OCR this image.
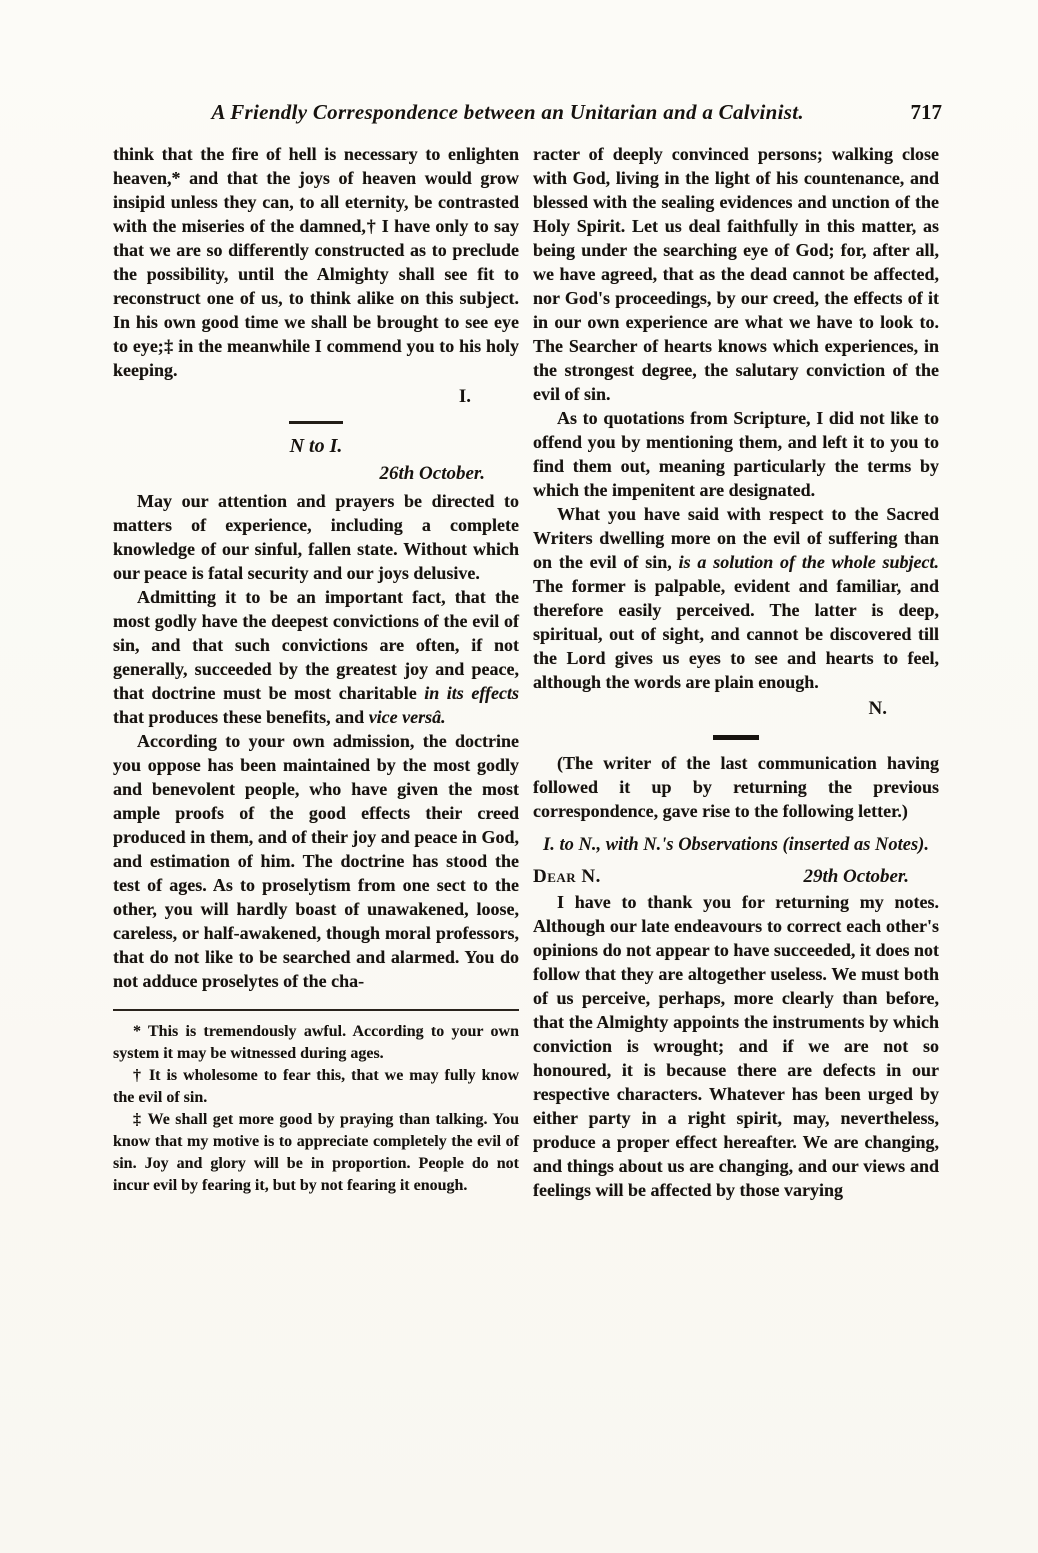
A Friendly Correspondence between an Unitarian and a Calvinist.	717

think that the fire of hell is necessary to enlighten heaven,* and that the joys of heaven would grow insipid unless they can, to all eternity, be contrasted with the miseries of the damned,† I have only to say that we are so differently constructed as to preclude the possibility, until the Almighty shall see fit to reconstruct one of us, to think alike on this subject. In his own good time we shall be brought to see eye to eye;‡ in the meanwhile I commend you to his holy keeping.

I.

N to I.
26th October.

May our attention and prayers be directed to matters of experience, including a complete knowledge of our sinful, fallen state. Without which our peace is fatal security and our joys delusive.

Admitting it to be an important fact, that the most godly have the deepest convictions of the evil of sin, and that such convictions are often, if not generally, succeeded by the greatest joy and peace, that doctrine must be most charitable in its effects that produces these benefits, and vice versâ.

According to your own admission, the doctrine you oppose has been maintained by the most godly and benevolent people, who have given the most ample proofs of the good effects their creed produced in them, and of their joy and peace in God, and estimation of him. The doctrine has stood the test of ages. As to proselytism from one sect to the other, you will hardly boast of unawakened, loose, careless, or half-awakened, though moral professors, that do not like to be searched and alarmed. You do not adduce proselytes of the cha-

* This is tremendously awful. According to your own system it may be witnessed during ages.

† It is wholesome to fear this, that we may fully know the evil of sin.

‡ We shall get more good by praying than talking. You know that my motive is to appreciate completely the evil of sin. Joy and glory will be in proportion. People do not incur evil by fearing it, but by not fearing it enough.

racter of deeply convinced persons; walking close with God, living in the light of his countenance, and blessed with the sealing evidences and unction of the Holy Spirit. Let us deal faithfully in this matter, as being under the searching eye of God; for, after all, we have agreed, that as the dead cannot be affected, nor God's proceedings, by our creed, the effects of it in our own experience are what we have to look to. The Searcher of hearts knows which experiences, in the strongest degree, the salutary conviction of the evil of sin.

As to quotations from Scripture, I did not like to offend you by mentioning them, and left it to you to find them out, meaning particularly the terms by which the impenitent are designated.

What you have said with respect to the Sacred Writers dwelling more on the evil of suffering than on the evil of sin, is a solution of the whole subject. The former is palpable, evident and familiar, and therefore easily perceived. The latter is deep, spiritual, out of sight, and cannot be discovered till the Lord gives us eyes to see and hearts to feel, although the words are plain enough.

N.

(The writer of the last communication having followed it up by returning the previous correspondence, gave rise to the following letter.)

I. to N., with N.'s Observations (inserted as Notes).
Dear N.	29th October.

I have to thank you for returning my notes. Although our late endeavours to correct each other's opinions do not appear to have succeeded, it does not follow that they are altogether useless. We must both of us perceive, perhaps, more clearly than before, that the Almighty appoints the instruments by which conviction is wrought; and if we are not so honoured, it is because there are defects in our respective characters. Whatever has been urged by either party in a right spirit, may, nevertheless, produce a proper effect hereafter. We are changing, and things about us are changing, and our views and feelings will be affected by those varying
